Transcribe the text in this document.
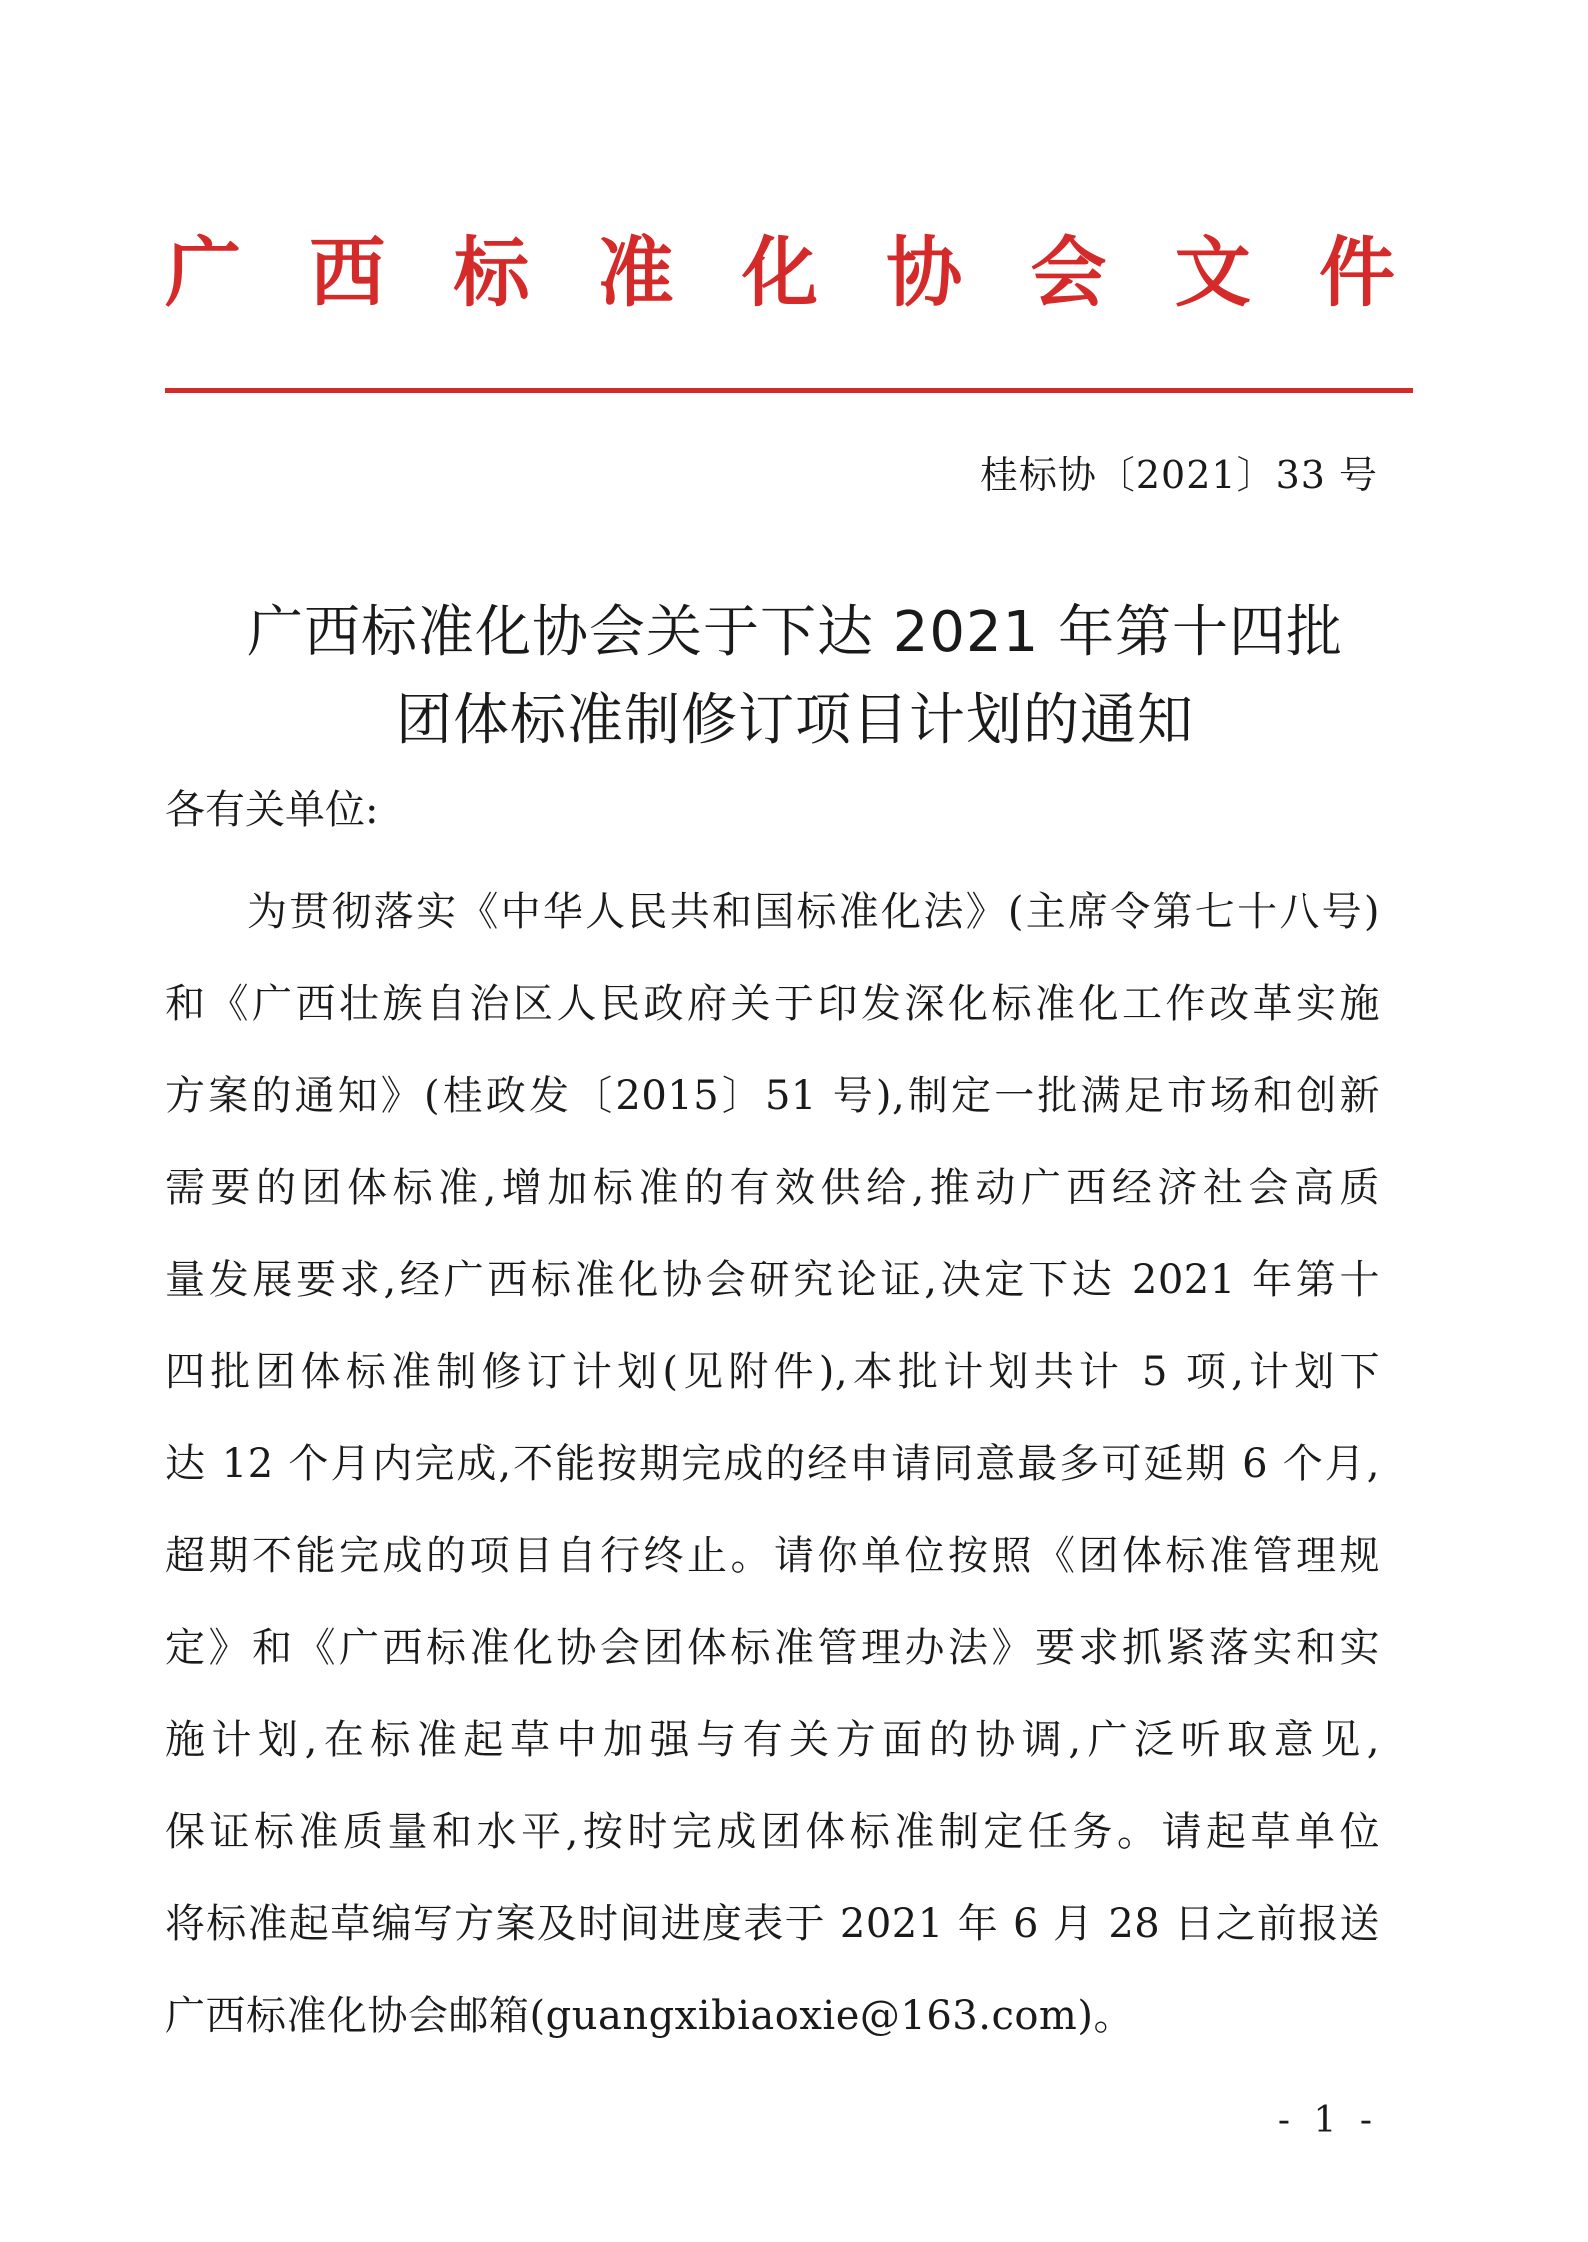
广 西 标 准 化 协 会 文 件
桂标协〔2021〕33 号
广西标准化协会关于下达 2021 年第十四批
团体标准制修订项目计划的通知
各有关单位:
为贯彻落实《中华人民共和国标准化法》(主席令第七十八号)
和《广西壮族自治区人民政府关于印发深化标准化工作改革实施
方案的通知》(桂政发〔2015〕51 号),制定一批满足市场和创新
需要的团体标准,增加标准的有效供给,推动广西经济社会高质
量发展要求,经广西标准化协会研究论证,决定下达 2021 年第十
四批团体标准制修订计划(见附件),本批计划共计 5 项,计划下
达 12 个月内完成,不能按期完成的经申请同意最多可延期 6 个月,
超期不能完成的项目自行终止。请你单位按照《团体标准管理规
定》和《广西标准化协会团体标准管理办法》要求抓紧落实和实
施计划,在标准起草中加强与有关方面的协调,广泛听取意见,
保证标准质量和水平,按时完成团体标准制定任务。请起草单位
将标准起草编写方案及时间进度表于 2021 年 6 月 28 日之前报送
广西标准化协会邮箱(guangxibiaoxie@163.com)。
- 1 -
